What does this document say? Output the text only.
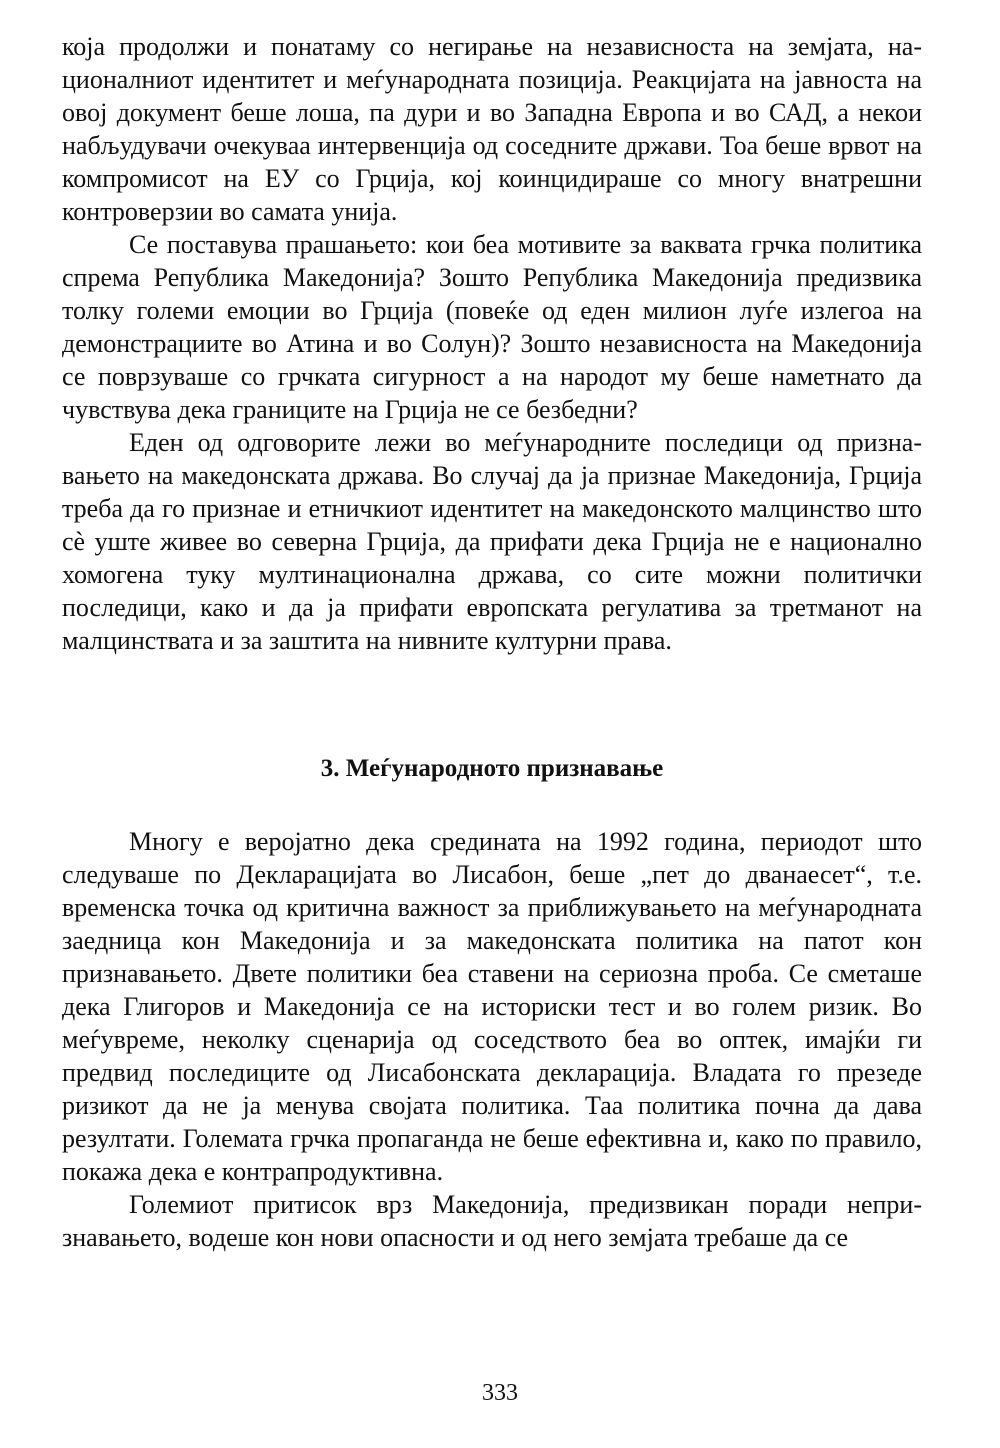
која продолжи и понатаму со негирање на независноста на земјата, националниот идентитет и меѓународната позиција. Реакцијата на јавноста на овој документ беше лоша, па дури и во Западна Европа и во САД, а некои набљудувачи очекуваа интервенција од соседните држави. Тоа беше врвот на компромисот на ЕУ со Грција, кој коинцидираше со многу внатрешни контроверзии во самата унија.

Се поставува прашањето: кои беа мотивите за ваквата грчка политика спрема Република Македонија? Зошто Република Македонија предизвика толку големи емоции во Грција (повеќе од еден милион луѓе излегоа на демонстрациите во Атина и во Солун)? Зошто независноста на Македонија се поврзуваше со грчката сигурност а на народот му беше наметнато да чувствува дека границите на Грција не се безбедни?

Еден од одговорите лежи во меѓународните последици од признавањето на македонската држава. Во случај да ја признае Македонија, Грција треба да го признае и етничкиот идентитет на македонското малцинство што сè уште живее во северна Грција, да прифати дека Грција не е национално хомогена туку мултинационална држава, со сите можни политички последици, како и да ја прифати европската регулатива за третманот на малцинствата и за заштита на нивните културни права.

3. Меѓународното признавање

Многу е веројатно дека средината на 1992 година, периодот што следуваше по Декларацијата во Лисабон, беше „пет до дванаесет“, т.е. временска точка од критична важност за приближувањето на меѓународната заедница кон Македонија и за македонската политика на патот кон признавањето. Двете политики беа ставени на сериозна проба. Се сметаше дека Глигоров и Македонија се на историски тест и во голем ризик. Во меѓувреме, неколку сценарија од соседството беа во оптек, имајќи ги предвид последиците од Лисабонската декларација. Владата го презеде ризикот да не ја менува својата политика. Таа политика почна да дава резултати. Големата грчка пропаганда не беше ефективна и, како по правило, покажа дека е контрапродуктивна.

Големиот притисок врз Македонија, предизвикан поради непризнавањето, водеше кон нови опасности и од него земјата требаше да се

333
